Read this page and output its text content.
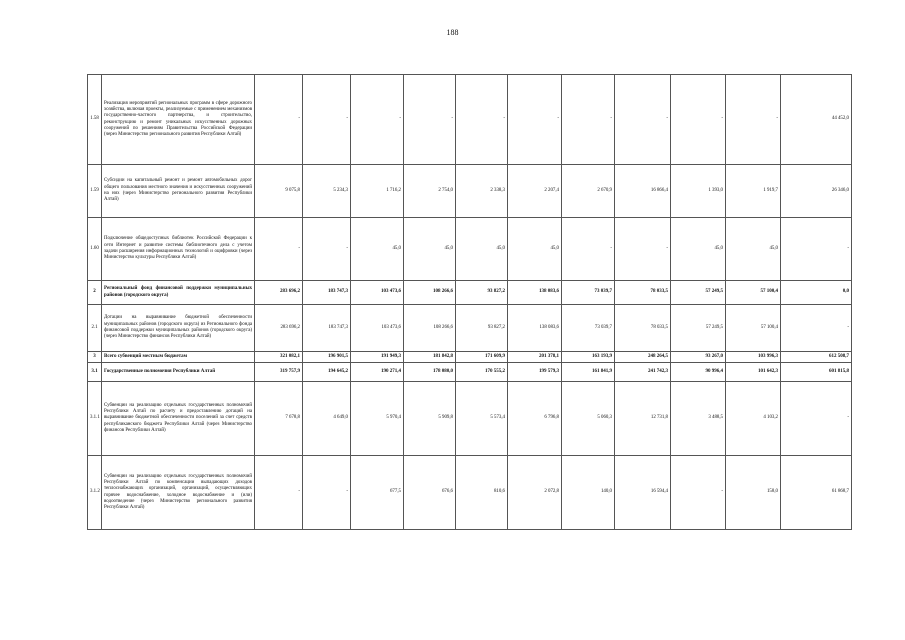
188
1.58	Реализация мероприятий региональных программ в сфере дорожного хозяйства, включая проекты, реализуемые с применением механизмов государственно-частного партнерства, и строительство, реконструкцию и ремонт уникальных искусственных дорожных сооружений по решениям Правительства Российской Федерации (через Министерство регионального развития Республики Алтай)	-	-	-	-	-	-	-	-	-	-	44 452,0
1.59	Субсидии на капитальный ремонт и ремонт автомобильных дорог общего пользования местного значения и искусственных сооружений на них (через Министерство регионального развития Республики Алтай)	9 075,8	5 234,3	1 716,2	2 754,0	2 338,3	2 207,4	2 670,9	16 866,4	1 393,0	1 919,7	26 346,0
1.60	Подключение общедоступных библиотек Российской Федерации к сети Интернет и развитие системы библиотечного дела с учетом задачи расширения информационных технологий и оцифровки (через Министерство культуры Республики Алтай)	-	-	45,0	45,0	45,0	45,0	-	-	45,0	45,0	-
2	Региональный фонд финансовой поддержки муниципальных районов (городского округа)	283 696,2	183 747,3	103 473,6	108 266,6	93 827,2	138 083,6	73 039,7	78 033,5	57 249,5	57 100,4	0,0
2.1	Дотации на выравнивание бюджетной обеспеченности муниципальных районов (городского округа) из Регионального фонда финансовой поддержки муниципальных районов (городского округа) (через Министерство финансов Республики Алтай)	283 696,2	183 747,3	103 473,6	108 266,6	93 827,2	138 083,6	73 039,7	78 033,5	57 249,5	57 100,4	-
3	Всего субвенций местным бюджетам	321 082,1	196 901,5	191 949,3	181 842,8	171 609,9	201 378,1	163 193,9	248 264,5	93 267,0	103 996,3	612 508,7
3.1	Государственные полномочия Республики Алтай	319 757,9	194 645,2	190 271,4	178 080,0	170 555,2	199 579,3	161 841,9	241 742,3	90 996,4	101 642,3	601 815,8
3.1.1	Субвенции на реализацию отдельных государственных полномочий Республики Алтай по расчету и предоставлению дотаций на выравнивание бюджетной обеспеченности поселений за счет средств республиканского бюджета Республики Алтай (через Министерство финансов Республики Алтай)	7 678,8	4 649,0	5 970,4	5 909,8	5 573,4	6 796,8	5 060,3	12 731,8	3 488,5	4 103,2	-
3.1.2	Субвенции на реализацию отдельных государственных полномочий Республики Алтай по компенсации выпадающих доходов теплоснабжающих организаций, организаций, осуществляющих горячее водоснабжение, холодное водоснабжение и (или) водоотведение (через Министерство регионального развития Республики Алтай)	-	-	677,5	676,6	810,6	2 072,8	140,0	16 594,4	-	158,0	61 868,7
